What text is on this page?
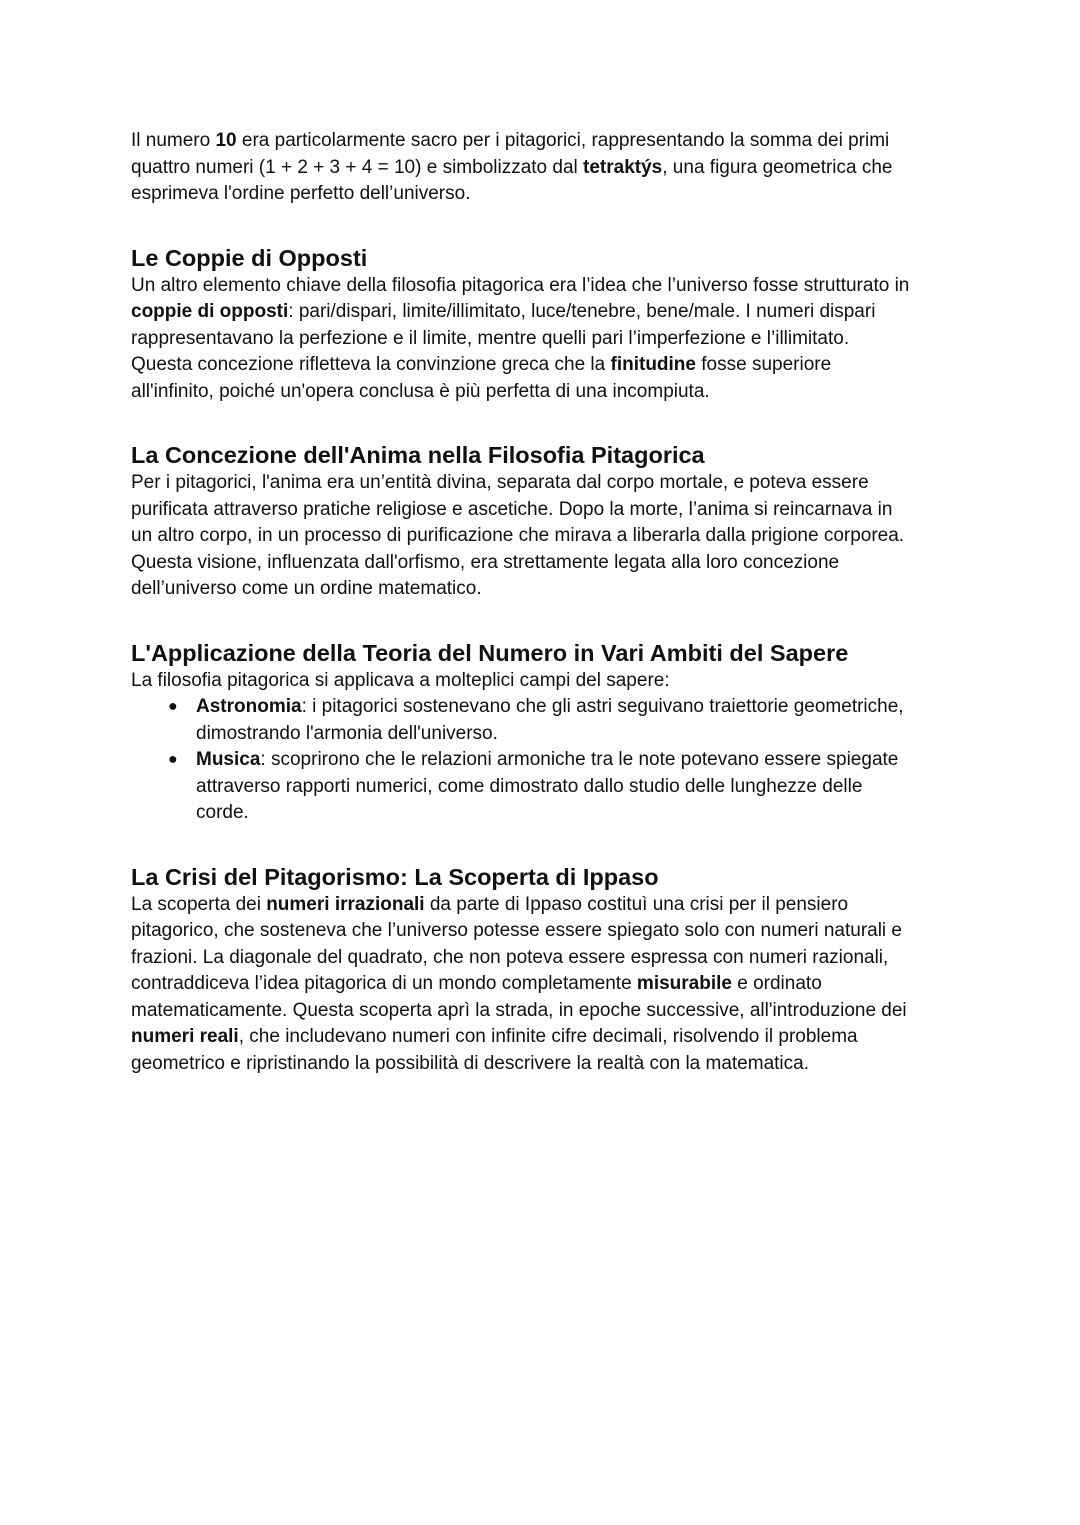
Il numero 10 era particolarmente sacro per i pitagorici, rappresentando la somma dei primi
quattro numeri (1 + 2 + 3 + 4 = 10) e simbolizzato dal tetraktýs, una figura geometrica che
esprimeva l'ordine perfetto dell’universo.

Le Coppie di Opposti

Un altro elemento chiave della filosofia pitagorica era l’idea che l’universo fosse strutturato in
coppie di opposti: pari/dispari, limite/illimitato, luce/tenebre, bene/male. I numeri dispari
rappresentavano la perfezione e il limite, mentre quelli pari l’imperfezione e l’illimitato.
Questa concezione rifletteva la convinzione greca che la finitudine fosse superiore
all'infinito, poiché un'opera conclusa è più perfetta di una incompiuta.

La Concezione dell'Anima nella Filosofia Pitagorica

Per i pitagorici, l'anima era un’entità divina, separata dal corpo mortale, e poteva essere
purificata attraverso pratiche religiose e ascetiche. Dopo la morte, l’anima si reincarnava in
un altro corpo, in un processo di purificazione che mirava a liberarla dalla prigione corporea.
Questa visione, influenzata dall'orfismo, era strettamente legata alla loro concezione
dell’universo come un ordine matematico.

L'Applicazione della Teoria del Numero in Vari Ambiti del Sapere

La filosofia pitagorica si applicava a molteplici campi del sapere:

● Astronomia: i pitagorici sostenevano che gli astri seguivano traiettorie geometriche,
dimostrando l'armonia dell'universo.
● Musica: scoprirono che le relazioni armoniche tra le note potevano essere spiegate
attraverso rapporti numerici, come dimostrato dallo studio delle lunghezze delle
corde.
La Crisi del Pitagorismo: La Scoperta di Ippaso

La scoperta dei numeri irrazionali da parte di Ippaso costituì una crisi per il pensiero
pitagorico, che sosteneva che l’universo potesse essere spiegato solo con numeri naturali e
frazioni. La diagonale del quadrato, che non poteva essere espressa con numeri razionali,
contraddiceva l’idea pitagorica di un mondo completamente misurabile e ordinato
matematicamente. Questa scoperta aprì la strada, in epoche successive, all'introduzione dei
numeri reali, che includevano numeri con infinite cifre decimali, risolvendo il problema
geometrico e ripristinando la possibilità di descrivere la realtà con la matematica.
